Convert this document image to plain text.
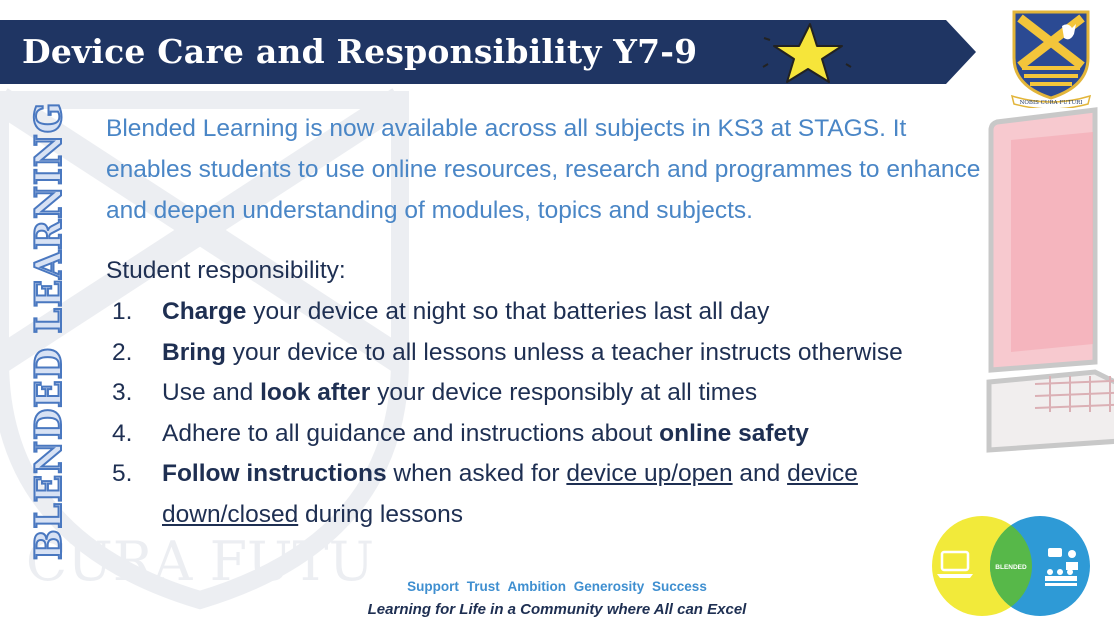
CURA FUTU
Device Care and Responsibility Y7-9
NOBIS CURA FUTURI
BLENDED LEARNING Blended Learning is now available across all subjects in KS3 at STAGS. It enables students to use online resources, research and programmes to enhance and deepen understanding of modules, topics and subjects.
Student responsibility:
1. Charge your device at night so that batteries last all day
2. Bring your device to all lessons unless a teacher instructs otherwise
3. Use and look after your device responsibly at all times
4. Adhere to all guidance and instructions about online safety
5. Follow instructions when asked for device up/open and device down/closed during lessons
BLENDED
Support Trust Ambition Generosity Success
Learning for Life in a Community where All can Excel
